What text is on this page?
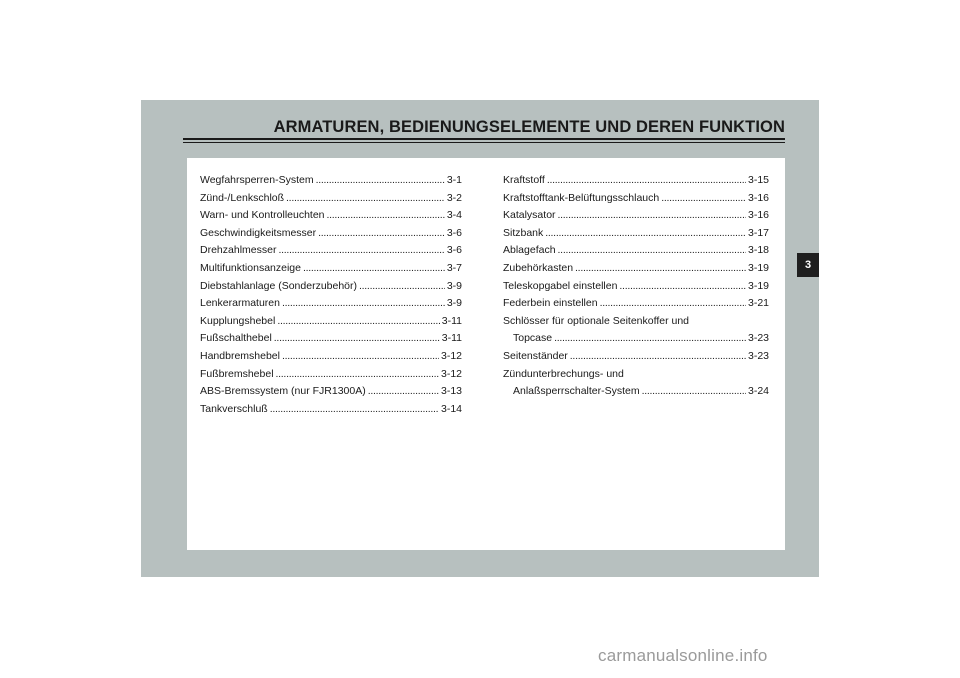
ARMATUREN, BEDIENUNGSELEMENTE UND DEREN FUNKTION
Wegfahrsperren-System . . .	3-1
Zünd-/Lenkschloß . . .	3-2
Warn- und Kontrolleuchten . . .	3-4
Geschwindigkeitsmesser . . .	3-6
Drehzahlmesser . . .	3-6
Multifunktionsanzeige . . .	3-7
Diebstahlanlage (Sonderzubehör) . . .	3-9
Lenkerarmaturen . . .	3-9
Kupplungshebel . . .	3-11
Fußschalthebel . . .	3-11
Handbremshebel . . .	3-12
Fußbremshebel . . .	3-12
ABS-Bremssystem (nur FJR1300A) . . .	3-13
Tankverschluß . . .	3-14
Kraftstoff . . .	3-15
Kraftstofftank-Belüftungsschlauch . . .	3-16
Katalysator . . .	3-16
Sitzbank . . .	3-17
Ablagefach . . .	3-18
Zubehörkasten . . .	3-19
Teleskopgabel einstellen . . .	3-19
Federbein einstellen . . .	3-21
Schlösser für optionale Seitenkoffer und
Topcase . . .	3-23
Seitenständer . . .	3-23
Zündunterbrechungs- und
Anlaßsperrschalter-System . . .	3-24
3
carmanualsonline.info
